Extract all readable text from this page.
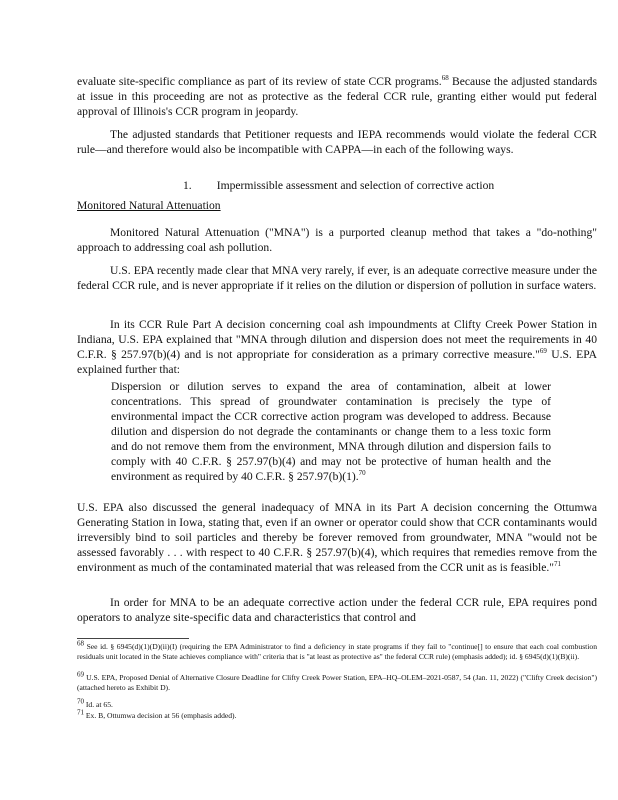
evaluate site-specific compliance as part of its review of state CCR programs.$^{68}$ Because the adjusted standards at issue in this proceeding are not as protective as the federal CCR rule, granting either would put federal approval of Illinois's CCR program in jeopardy.

The adjusted standards that Petitioner requests and IEPA recommends would violate the federal CCR rule—and therefore would also be incompatible with CAPPA—in each of the following ways.

1. Impermissible assessment and selection of corrective action

Monitored Natural Attenuation

Monitored Natural Attenuation ("MNA") is a purported cleanup method that takes a "do-nothing" approach to addressing coal ash pollution.

U.S. EPA recently made clear that MNA very rarely, if ever, is an adequate corrective measure under the federal CCR rule, and is never appropriate if it relies on the dilution or dispersion of pollution in surface waters.

In its CCR Rule Part A decision concerning coal ash impoundments at Clifty Creek Power Station in Indiana, U.S. EPA explained that "MNA through dilution and dispersion does not meet the requirements in 40 C.F.R. § 257.97(b)(4) and is not appropriate for consideration as a primary corrective measure."$^{69}$ U.S. EPA explained further that:

Dispersion or dilution serves to expand the area of contamination, albeit at lower concentrations. This spread of groundwater contamination is precisely the type of environmental impact the CCR corrective action program was developed to address. Because dilution and dispersion do not degrade the contaminants or change them to a less toxic form and do not remove them from the environment, MNA through dilution and dispersion fails to comply with 40 C.F.R. § 257.97(b)(4) and may not be protective of human health and the environment as required by 40 C.F.R. § 257.97(b)(1).$^{70}$

U.S. EPA also discussed the general inadequacy of MNA in its Part A decision concerning the Ottumwa Generating Station in Iowa, stating that, even if an owner or operator could show that CCR contaminants would irreversibly bind to soil particles and thereby be forever removed from groundwater, MNA "would not be assessed favorably . . . with respect to 40 C.F.R. § 257.97(b)(4), which requires that remedies remove from the environment as much of the contaminated material that was released from the CCR unit as is feasible."$^{71}$

In order for MNA to be an adequate corrective action under the federal CCR rule, EPA requires pond operators to analyze site-specific data and characteristics that control and

$^{68}$ See id. § 6945(d)(1)(D)(ii)(I) (requiring the EPA Administrator to find a deficiency in state programs if they fail to "continue[] to ensure that each coal combustion residuals unit located in the State achieves compliance with" criteria that is "at least as protective as" the federal CCR rule) (emphasis added); id. § 6945(d)(1)(B)(ii).
$^{69}$ U.S. EPA, Proposed Denial of Alternative Closure Deadline for Clifty Creek Power Station, EPA–HQ–OLEM–2021-0587, 54 (Jan. 11, 2022) ("Clifty Creek decision") (attached hereto as Exhibit D).
$^{70}$ Id. at 65.
$^{71}$ Ex. B, Ottumwa decision at 56 (emphasis added).
